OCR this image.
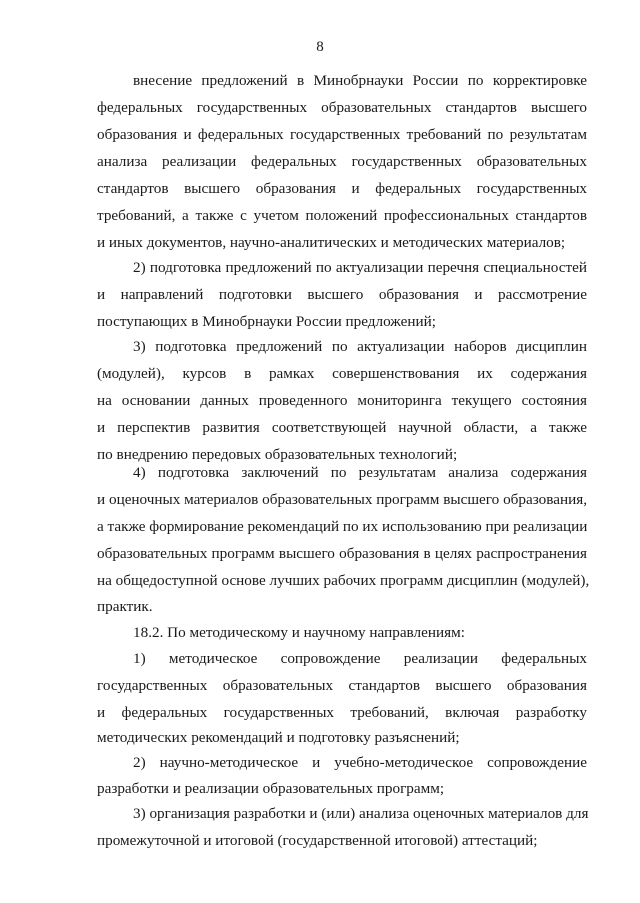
8
внесение предложений в Минобрнауки России по корректировке
федеральных государственных образовательных стандартов высшего
образования и федеральных государственных требований по результатам
анализа реализации федеральных государственных образовательных
стандартов высшего образования и федеральных государственных
требований, а также с учетом положений профессиональных стандартов
и иных документов, научно-аналитических и методических материалов;
2) подготовка предложений по актуализации перечня специальностей
и направлений подготовки высшего образования и рассмотрение
поступающих в Минобрнауки России предложений;
3) подготовка предложений по актуализации наборов дисциплин
(модулей), курсов в рамках совершенствования их содержания
на основании данных проведенного мониторинга текущего состояния
и перспектив развития соответствующей научной области, а также
по внедрению передовых образовательных технологий;
4) подготовка заключений по результатам анализа содержания
и оценочных материалов образовательных программ высшего образования,
а также формирование рекомендаций по их использованию при реализации
образовательных программ высшего образования в целях распространения
на общедоступной основе лучших рабочих программ дисциплин (модулей),
практик.
18.2. По методическому и научному направлениям:
1) методическое сопровождение реализации федеральных
государственных образовательных стандартов высшего образования
и федеральных государственных требований, включая разработку
методических рекомендаций и подготовку разъяснений;
2) научно-методическое и учебно-методическое сопровождение
разработки и реализации образовательных программ;
3) организация разработки и (или) анализа оценочных материалов для
промежуточной и итоговой (государственной итоговой) аттестаций;
